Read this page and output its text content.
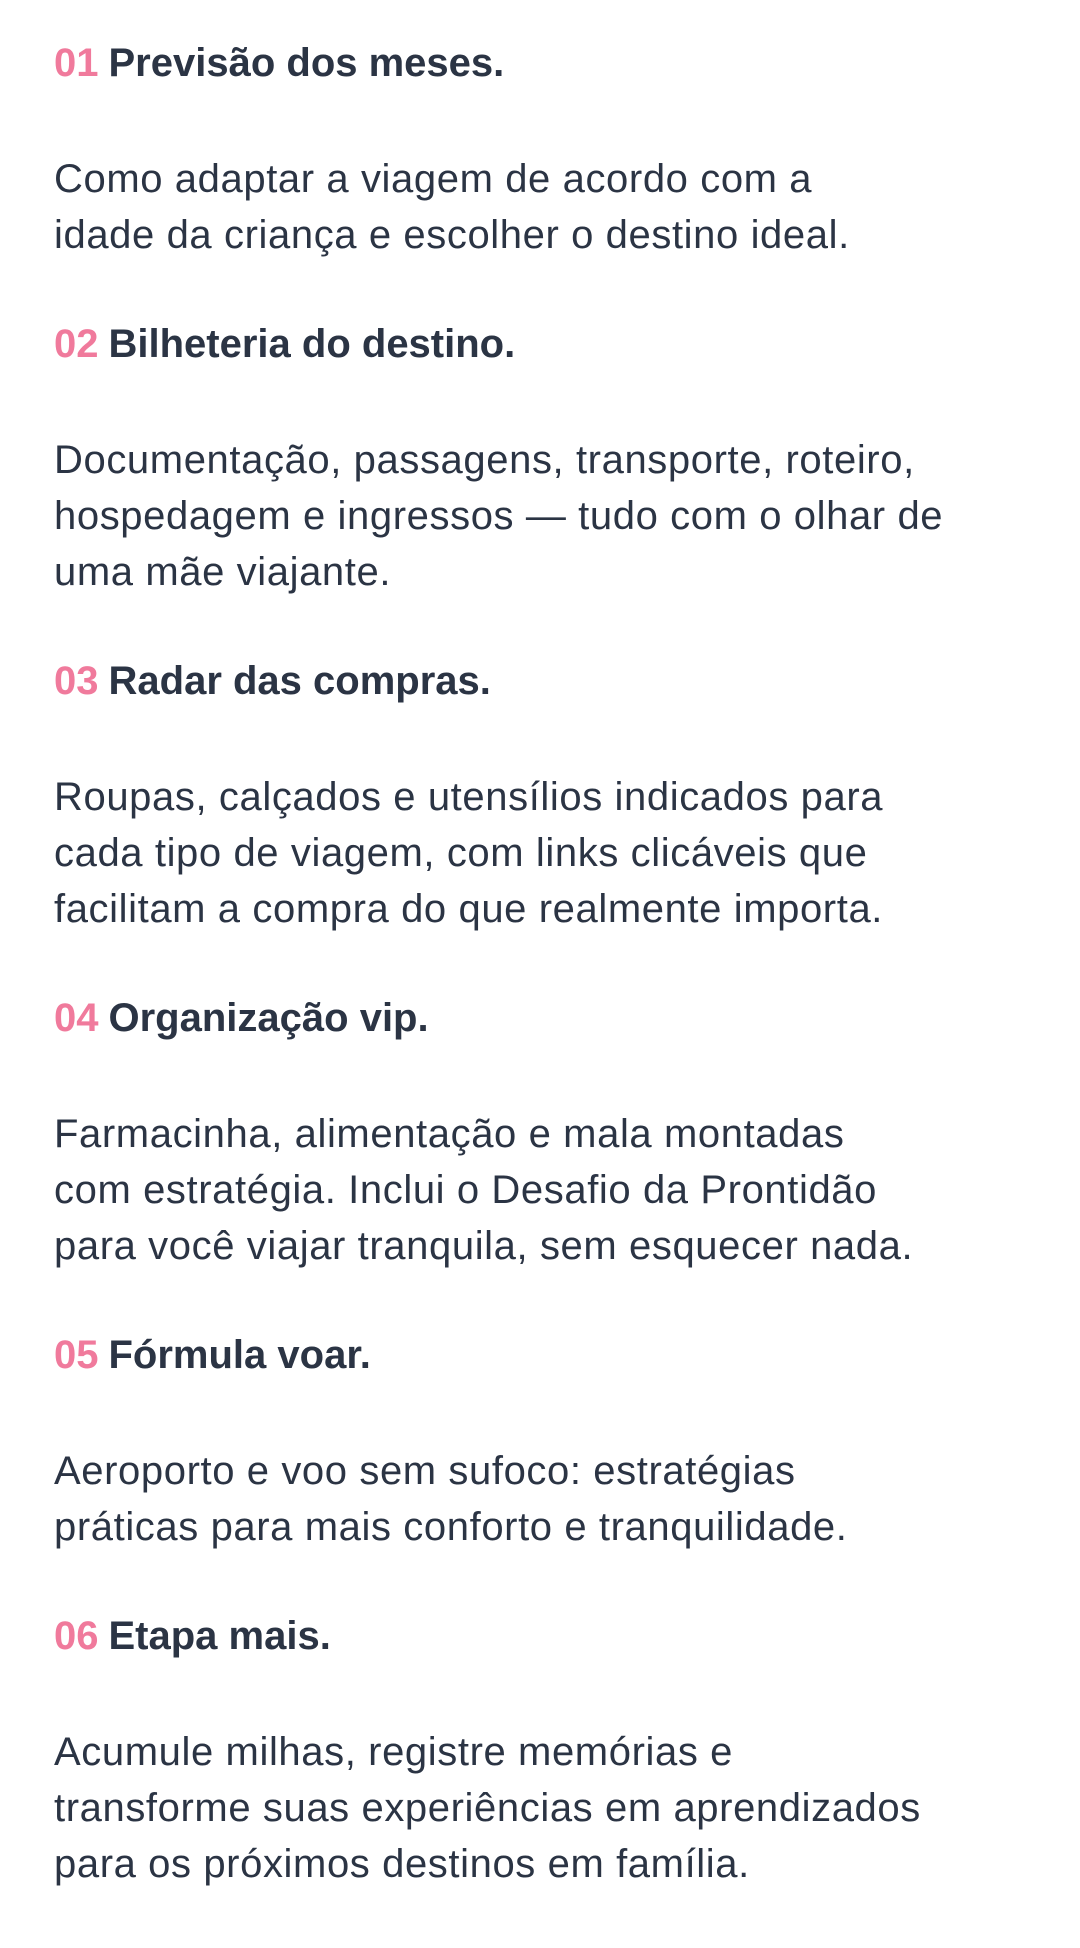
01 Previsão dos meses.
Como adaptar a viagem de acordo com a
idade da criança e escolher o destino ideal.
02 Bilheteria do destino.
Documentação, passagens, transporte, roteiro,
hospedagem e ingressos — tudo com o olhar de
uma mãe viajante.
03 Radar das compras.
Roupas, calçados e utensílios indicados para
cada tipo de viagem, com links clicáveis que
facilitam a compra do que realmente importa.
04 Organização vip.
Farmacinha, alimentação e mala montadas
com estratégia. Inclui o Desafio da Prontidão
para você viajar tranquila, sem esquecer nada.
05 Fórmula voar.
Aeroporto e voo sem sufoco: estratégias
práticas para mais conforto e tranquilidade.
06 Etapa mais.
Acumule milhas, registre memórias e
transforme suas experiências em aprendizados
para os próximos destinos em família.
